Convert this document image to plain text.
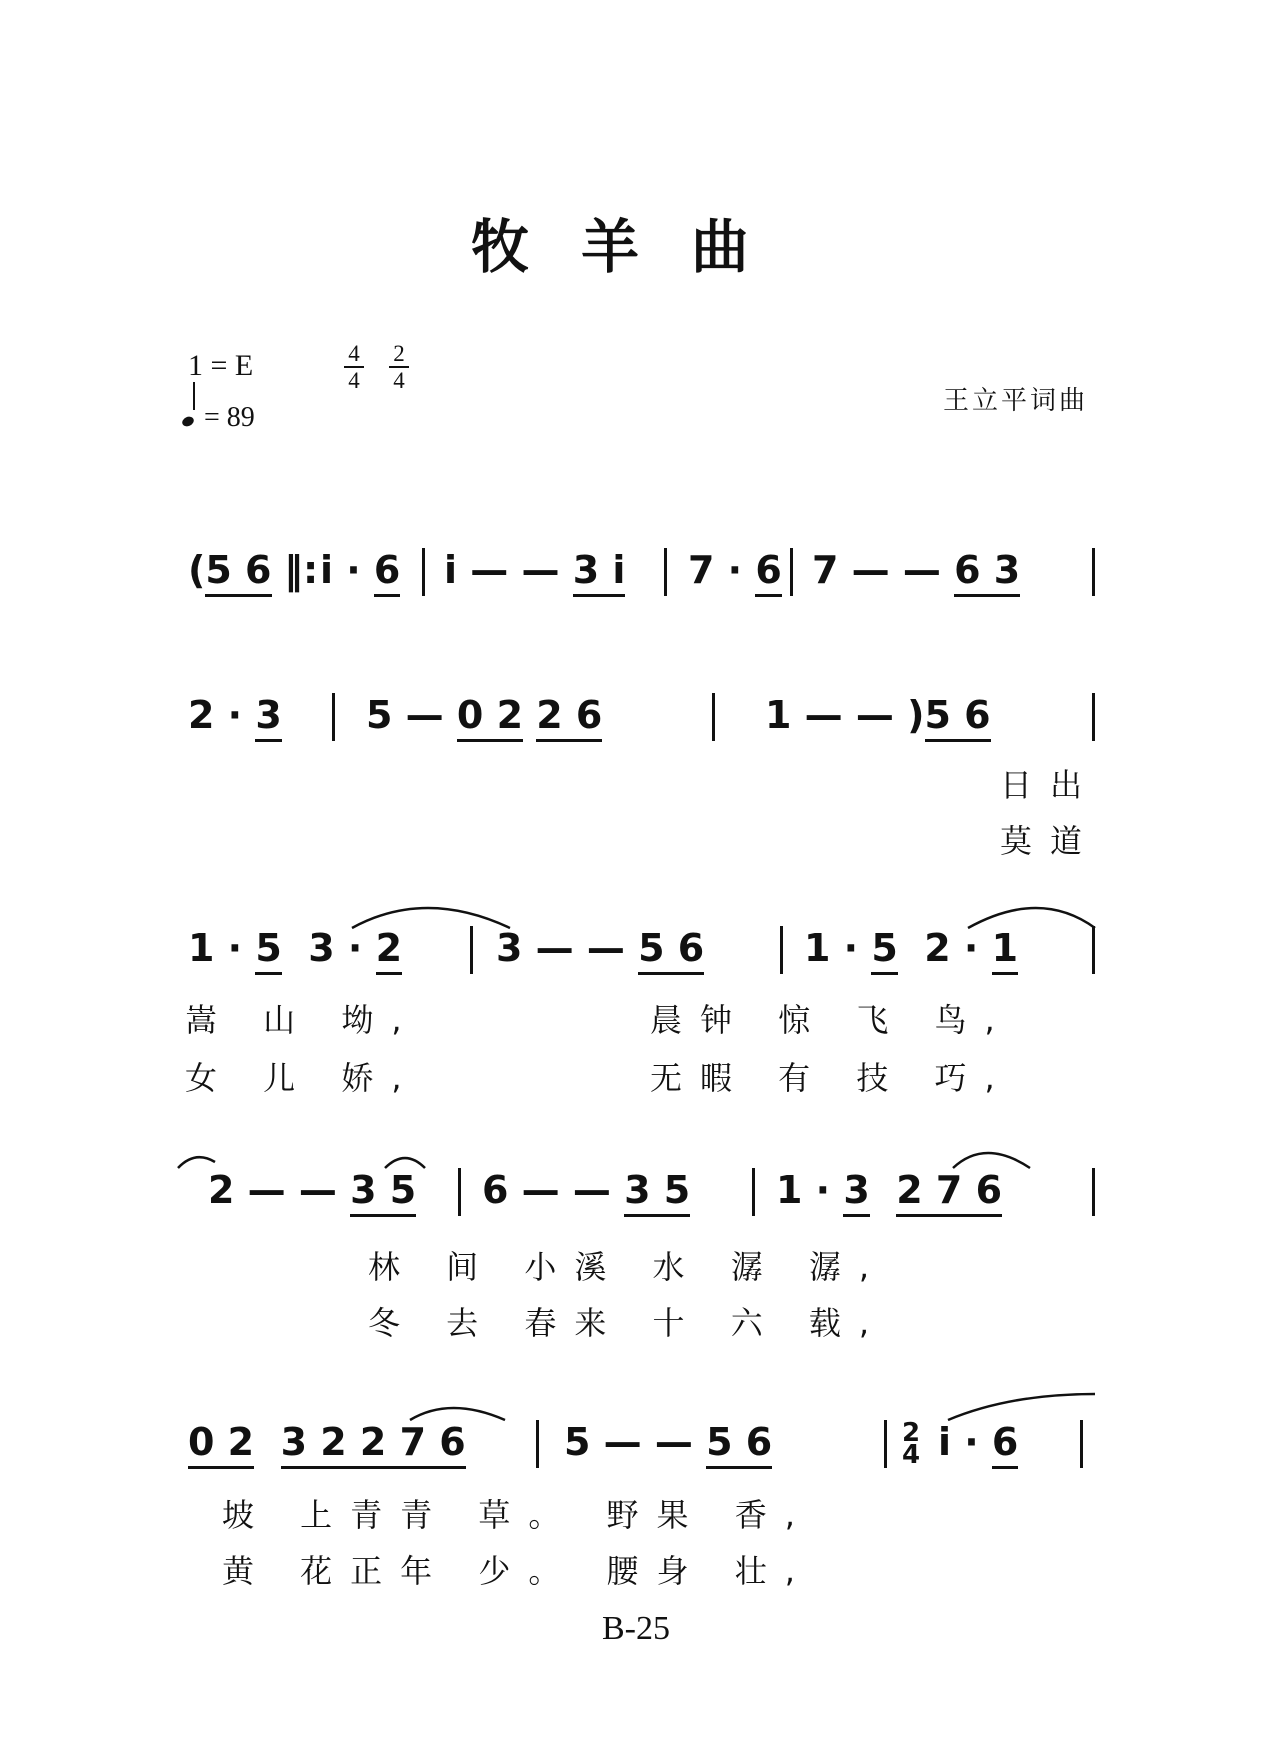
牧羊曲
1 = E	4
4
2
4
= 89
王立平词曲
(5 6 ‖: i · 6 i — — 3 i 7 · 6 7 — — 6 3
2 · 3 5 — 0 2 2 6	1 — — )5 6
日出
莫道
1 · 5  3 · 2 3 — — 5 6	1 · 5  2 · 1
嵩 山 坳,	晨钟 惊 飞 鸟,
女 儿 娇,	无暇 有 技 巧,
2 — — 3 5 6 — — 3 5 1 · 3 2 7 6
林 间 小溪 水 潺 潺,
冬 去 春来 十 六 载,
0 2 3 2 2 7 6	5 — — 5 6	2
4 i · 6
坡 上青青 草。 野果 香,
黄 花正年 少。 腰身 壮,
B-25
